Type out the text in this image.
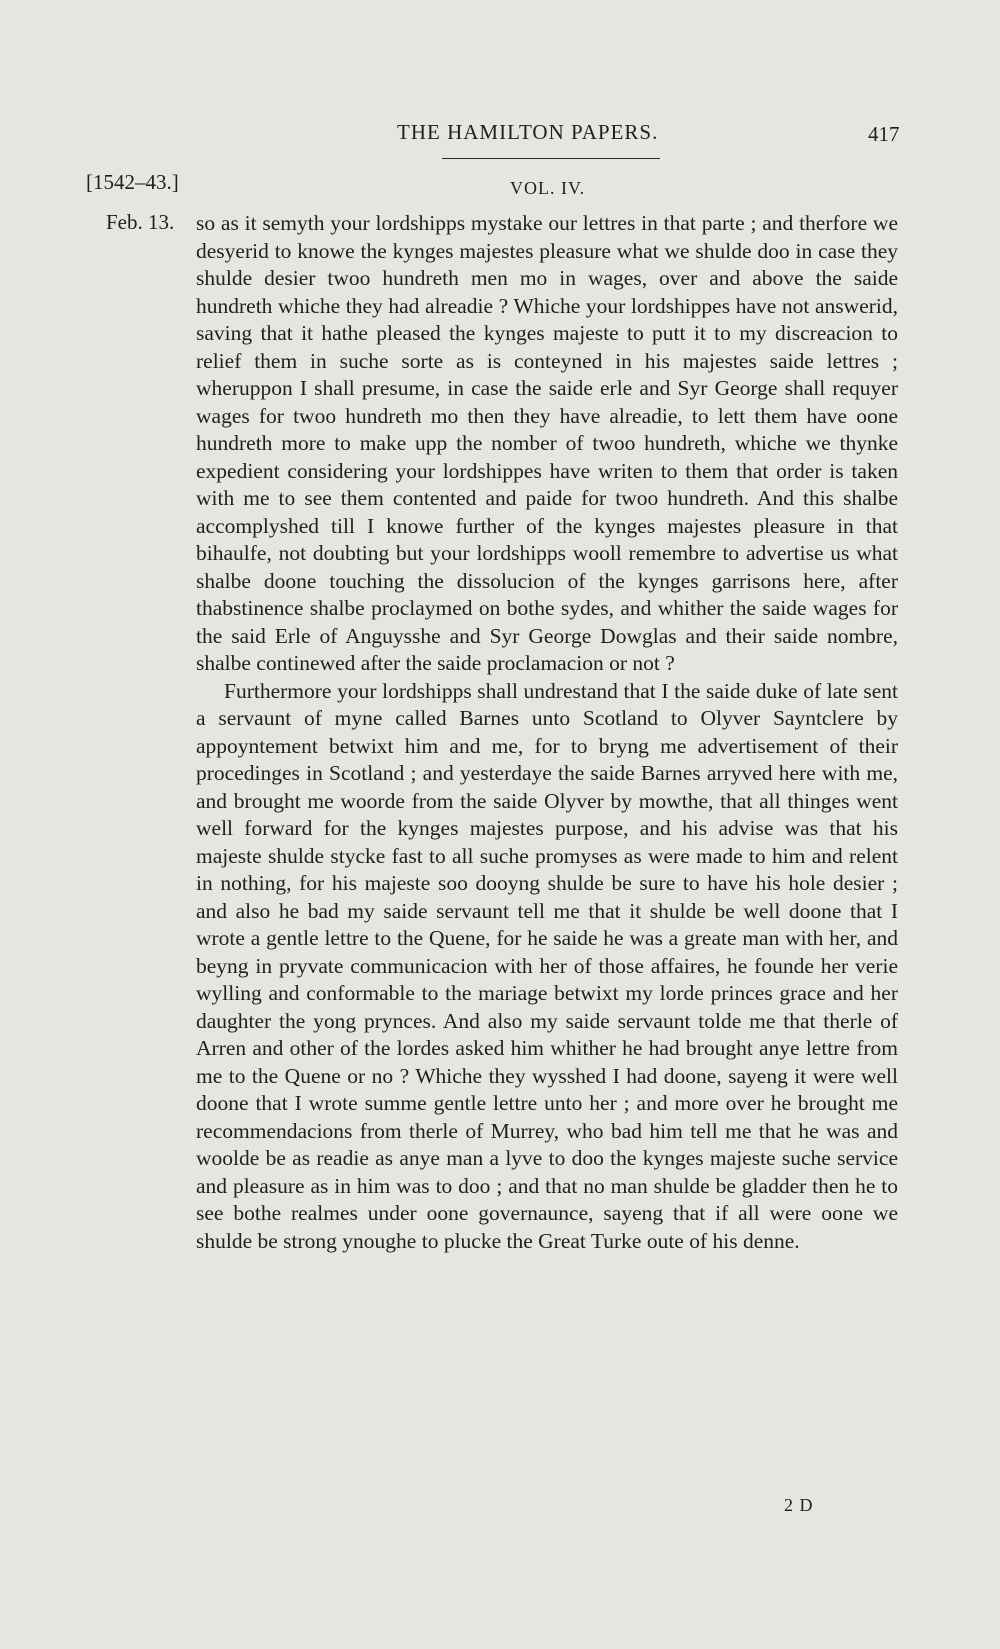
THE HAMILTON PAPERS.	417
[1542–43.]	VOL. IV.
Feb. 13. so as it semyth your lordshipps mystake our lettres in that parte ; and therfore we desyerid to knowe the kynges majestes pleasure what we shulde doo in case they shulde desier twoo hundreth men mo in wages, over and above the saide hundreth whiche they had alreadie ? Whiche your lordshippes have not answerid, saving that it hathe pleased the kynges majeste to putt it to my discreacion to relief them in suche sorte as is conteyned in his majestes saide lettres ; wheruppon I shall presume, in case the saide erle and Syr George shall requyer wages for twoo hundreth mo then they have alreadie, to lett them have oone hundreth more to make upp the nomber of twoo hundreth, whiche we thynke expedient considering your lordshippes have writen to them that order is taken with me to see them contented and paide for twoo hundreth. And this shalbe accomplyshed till I knowe further of the kynges majestes pleasure in that bihaulfe, not doubting but your lordshipps wooll remembre to advertise us what shalbe doone touching the dissolucion of the kynges garrisons here, after thabstinence shalbe proclaymed on bothe sydes, and whither the saide wages for the said Erle of Anguysshe and Syr George Dowglas and their saide nombre, shalbe continewed after the saide proclamacion or not ?

Furthermore your lordshipps shall undrestand that I the saide duke of late sent a servaunt of myne called Barnes unto Scotland to Olyver Sayntclere by appoyntement betwixt him and me, for to bryng me advertisement of their procedinges in Scotland ; and yesterdaye the saide Barnes arryved here with me, and brought me woorde from the saide Olyver by mowthe, that all thinges went well forward for the kynges majestes purpose, and his advise was that his majeste shulde stycke fast to all suche promyses as were made to him and relent in nothing, for his majeste soo dooyng shulde be sure to have his hole desier ; and also he bad my saide servaunt tell me that it shulde be well doone that I wrote a gentle lettre to the Quene, for he saide he was a greate man with her, and beyng in pryvate communicacion with her of those affaires, he founde her verie wylling and conformable to the mariage betwixt my lorde princes grace and her daughter the yong prynces. And also my saide servaunt tolde me that therle of Arren and other of the lordes asked him whither he had brought anye lettre from me to the Quene or no ? Whiche they wysshed I had doone, sayeng it were well doone that I wrote summe gentle lettre unto her ; and more over he brought me recommendacions from therle of Murrey, who bad him tell me that he was and woolde be as readie as anye man a lyve to doo the kynges majeste suche service and pleasure as in him was to doo ; and that no man shulde be gladder then he to see bothe realmes under oone governaunce, sayeng that if all were oone we shulde be strong ynoughe to plucke the Great Turke oute of his denne.

2 D
